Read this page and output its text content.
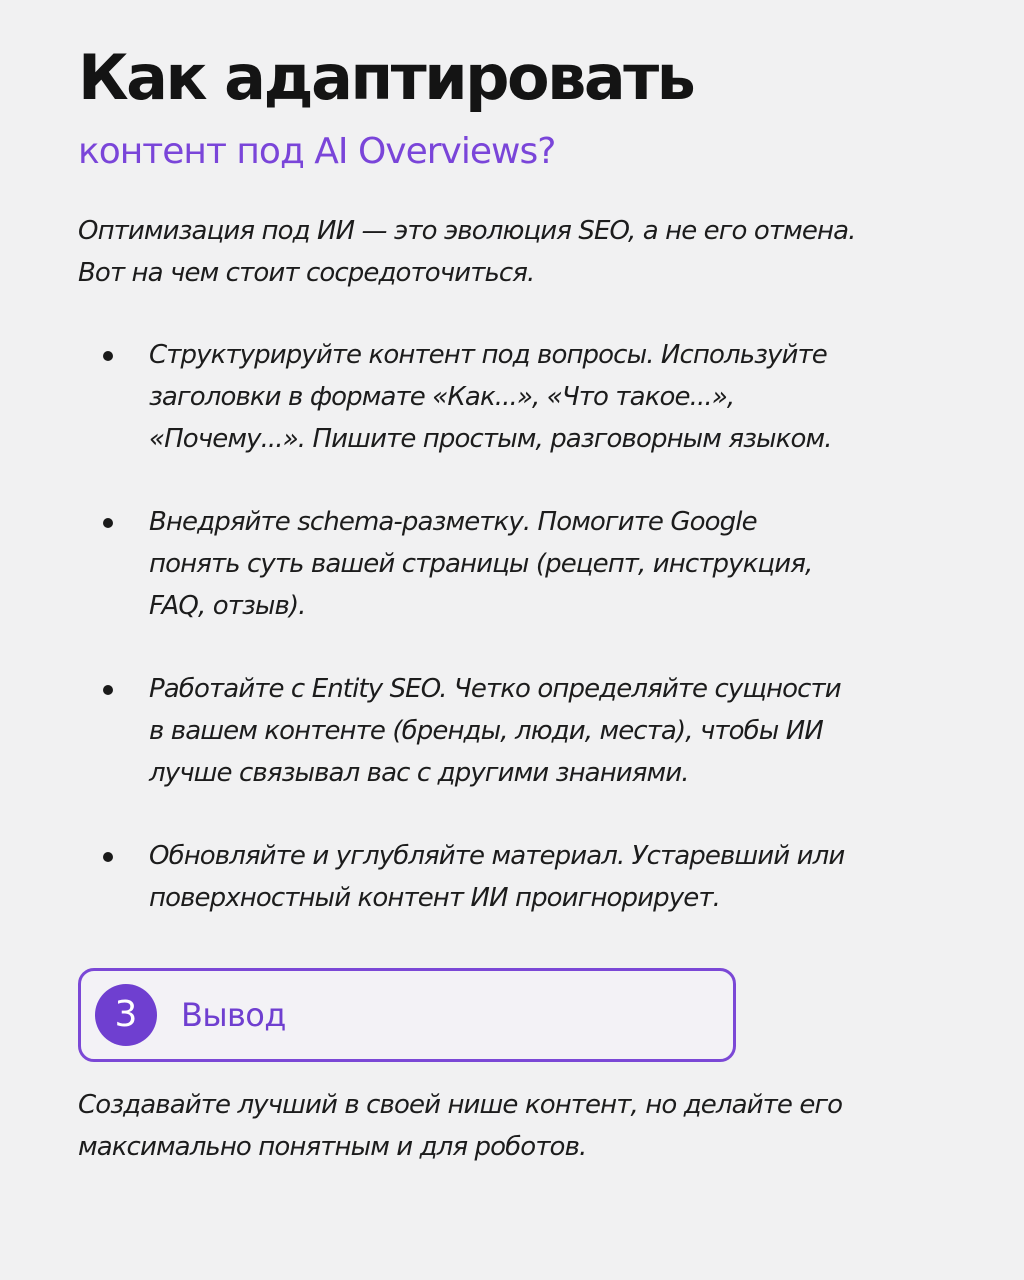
Как адаптировать
контент под AI Overviews?

Оптимизация под ИИ — это эволюция SEO, а не его отмена.
Вот на чем стоит сосредоточиться.

Структурируйте контент под вопросы. Используйте
заголовки в формате «Как...», «Что такое...»,
«Почему...». Пишите простым, разговорным языком.
Внедряйте schema-разметку. Помогите Google
понять суть вашей страницы (рецепт, инструкция,
FAQ, отзыв).
Работайте с Entity SEO. Четко определяйте сущности
в вашем контенте (бренды, люди, места), чтобы ИИ
лучше связывал вас с другими знаниями.
Обновляйте и углубляйте материал. Устаревший или
поверхностный контент ИИ проигнорирует.
3	Вывод

Создавайте лучший в своей нише контент, но делайте его
максимально понятным и для роботов.
